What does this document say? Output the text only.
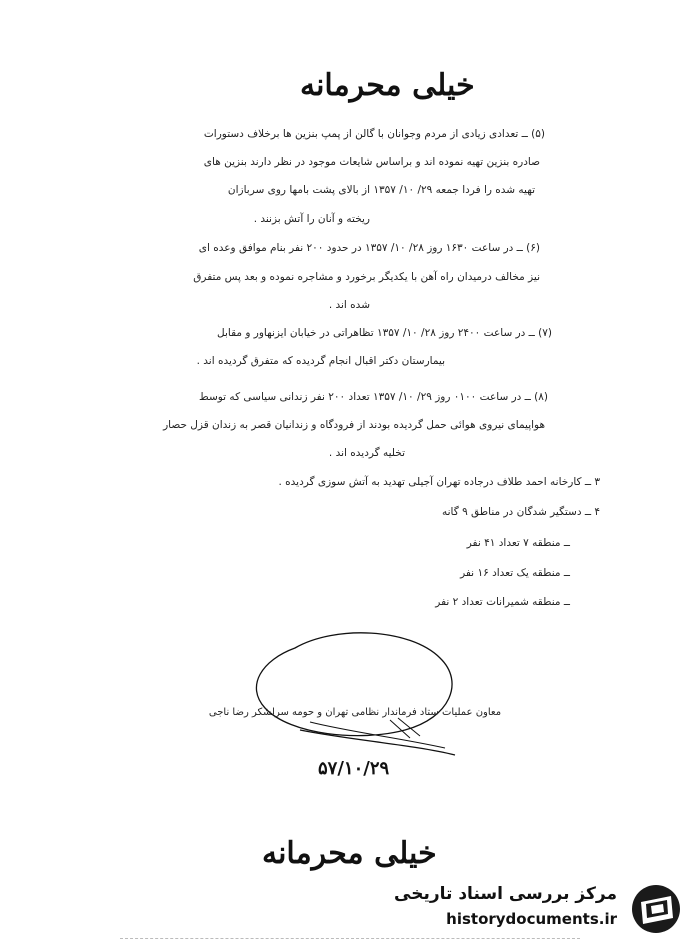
خیلی محرمانه
(۵) ــ تعدادی زیادی از مردم وجوانان با گالن از پمپ بنزین ها برخلاف دستورات
صادره بنزین تهیه نموده اند و براساس شایعات موجود در نظر دارند بنزین های
تهیه شده را فردا جمعه ۲۹/ ۱۰/ ۱۳۵۷ از بالای پشت بامها روی سربازان
ریخته و آنان را آتش بزنند .
(۶) ــ در ساعت ۱۶۳۰ روز ۲۸/ ۱۰/ ۱۳۵۷ در حدود ۲۰۰ نفر بنام موافق وعده ای
نیز مخالف درمیدان راه آهن با یکدیگر برخورد و مشاجره نموده و بعد پس متفرق
شده اند .
(۷) ــ در ساعت ۲۴۰۰ روز ۲۸/ ۱۰/ ۱۳۵۷ تظاهراتی در خیابان ایزنهاور و مقابل
بیمارستان دکتر اقبال انجام گردیده که متفرق گردیده اند .
(۸) ــ در ساعت ۰۱۰۰ روز ۲۹/ ۱۰/ ۱۳۵۷ تعداد ۲۰۰ نفر زندانی سیاسی که توسط
هواپیمای نیروی هوائی حمل گردیده بودند از فرودگاه و زندانیان قصر به زندان قزل حصار
تخلیه گردیده اند .
۳ ــ کارخانه احمد طلاف درجاده تهران آجیلی تهدید به آتش سوزی گردیده .
۴ ــ دستگیر شدگان در مناطق ۹ گانه
ــ منطقه ۷ تعداد ۴۱ نفر
ــ منطقه یک تعداد ۱۶ نفر
ــ منطقه شمیرانات تعداد ۲ نفر
معاون عملیات ستاد فرماندار نظامی تهران و حومه سرلشکر رضا ناجی
۵۷/۱۰/۲۹
خیلی محرمانه
مرکز بررسی اسناد تاریخی
historydocuments.ir
